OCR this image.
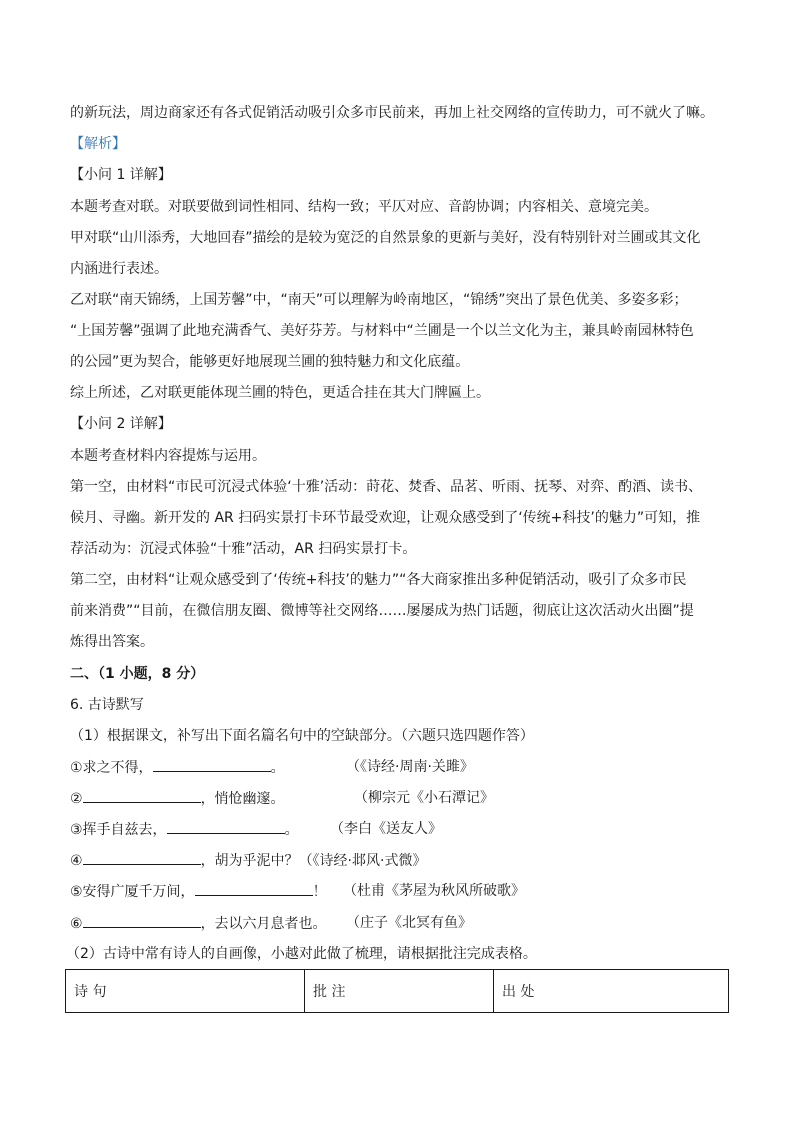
的新玩法，周边商家还有各式促销活动吸引众多市民前来，再加上社交网络的宣传助力，可不就火了嘛。
【解析】
【小问 1 详解】
本题考查对联。对联要做到词性相同、结构一致；平仄对应、音韵协调；内容相关、意境完美。
甲对联“山川添秀，大地回春”描绘的是较为宽泛的自然景象的更新与美好，没有特别针对兰圃或其文化
内涵进行表述。
乙对联“南天锦绣，上国芳馨”中，“南天”可以理解为岭南地区，“锦绣”突出了景色优美、多姿多彩；
“上国芳馨”强调了此地充满香气、美好芬芳。与材料中“兰圃是一个以兰文化为主，兼具岭南园林特色
的公园”更为契合，能够更好地展现兰圃的独特魅力和文化底蕴。
综上所述，乙对联更能体现兰圃的特色，更适合挂在其大门牌匾上。
【小问 2 详解】
本题考查材料内容提炼与运用。
第一空，由材料“市民可沉浸式体验‘十雅’活动：莳花、焚香、品茗、听雨、抚琴、对弈、酌酒、读书、
候月、寻幽。新开发的 AR 扫码实景打卡环节最受欢迎，让观众感受到了‘传统+科技’的魅力”可知，推
荐活动为：沉浸式体验“十雅”活动，AR 扫码实景打卡。
第二空，由材料“让观众感受到了‘传统+科技’的魅力”“各大商家推出多种促销活动，吸引了众多市民
前来消费”“目前，在微信朋友圈、微博等社交网络……屡屡成为热门话题，彻底让这次活动火出圈”提
炼得出答案。
二、（1 小题，8 分）
6. 古诗默写
（1）根据课文，补写出下面名篇名句中的空缺部分。（六题只选四题作答）
①求之不得，	。	（《诗经·周南·关雎》
②	，悄怆幽邃。	（柳宗元《小石潭记》
③挥手自兹去，	。 （李白《送友人》
④	，胡为乎泥中？（《诗经·邶风·式微》
⑤安得广厦千万间，	！ （杜甫《茅屋为秋风所破歌》
⑥	，去以六月息者也。 （庄子《北冥有鱼》
（2）古诗中常有诗人的自画像，小越对此做了梳理，请根据批注完成表格。
诗 句	批 注	出 处
